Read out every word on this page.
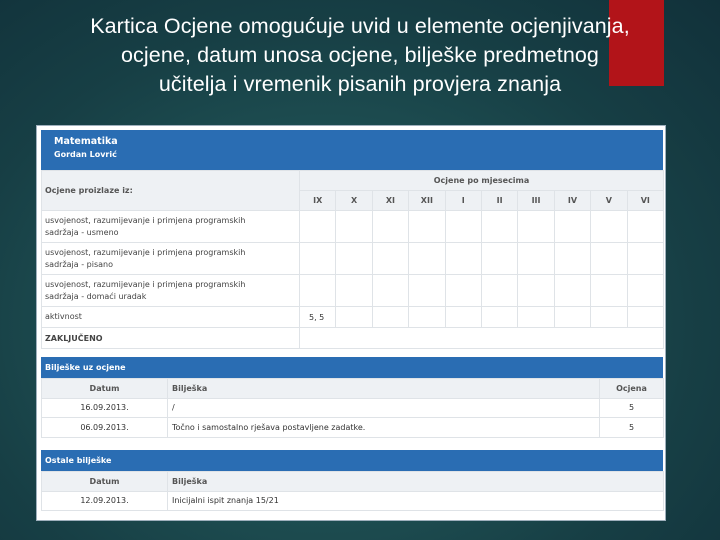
Kartica Ocjene omogućuje uvid u elemente ocjenjivanja,
ocjene, datum unosa ocjene, bilješke predmetnog
učitelja i vremenik pisanih provjera znanja
Matematika
Gordan Lovrić
Ocjene proizlaze iz:	Ocjene po mjesecima									
	IX	X	XI	XII	I	II	III	IV	V	VI
usvojenost, razumijevanje i primjena programskih
sadržaja - usmeno										
usvojenost, razumijevanje i primjena programskih
sadržaja - pisano										
usvojenost, razumijevanje i primjena programskih
sadržaja - domaći uradak										
aktivnost	5, 5									
ZAKLJUČENO										
Bilješke uz ocjene
Datum	Bilješka	Ocjena
16.09.2013.	/	5
06.09.2013.	Točno i samostalno rješava postavljene zadatke.	5
Ostale bilješke
Datum	Bilješka
12.09.2013.	Inicijalni ispit znanja 15/21
